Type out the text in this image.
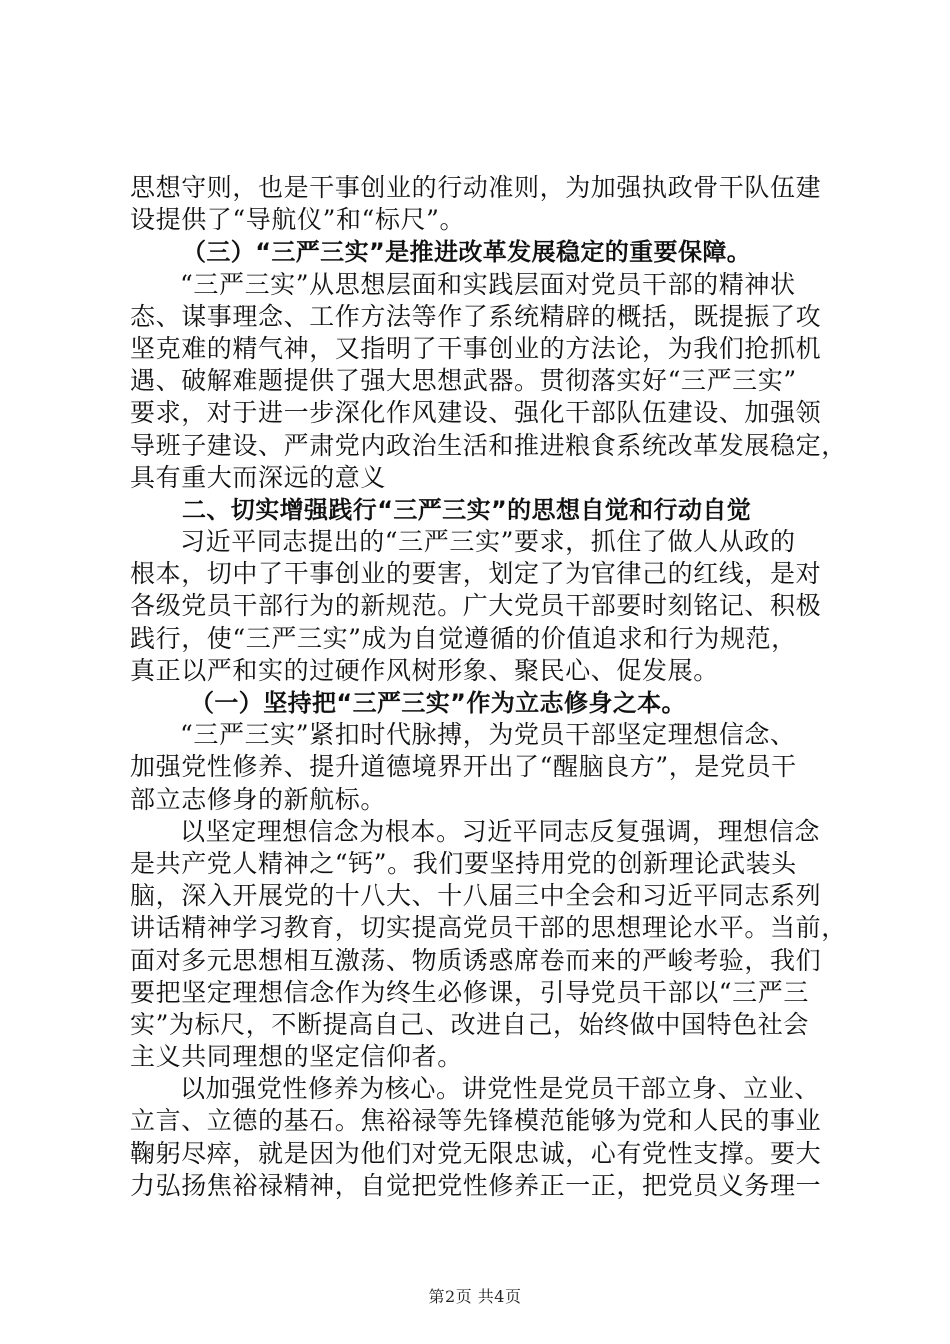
思想守则，也是干事创业的行动准则，为加强执政骨干队伍建
设提供了“导航仪”和“标尺”。
（三）“三严三实”是推进改革发展稳定的重要保障。
“三严三实”从思想层面和实践层面对党员干部的精神状
态、谋事理念、工作方法等作了系统精辟的概括，既提振了攻
坚克难的精气神，又指明了干事创业的方法论，为我们抢抓机
遇、破解难题提供了强大思想武器。贯彻落实好“三严三实”
要求，对于进一步深化作风建设、强化干部队伍建设、加强领
导班子建设、严肃党内政治生活和推进粮食系统改革发展稳定，
具有重大而深远的意义
二、切实增强践行“三严三实”的思想自觉和行动自觉
习近平同志提出的“三严三实”要求，抓住了做人从政的
根本，切中了干事创业的要害，划定了为官律己的红线，是对
各级党员干部行为的新规范。广大党员干部要时刻铭记、积极
践行，使“三严三实”成为自觉遵循的价值追求和行为规范，
真正以严和实的过硬作风树形象、聚民心、促发展。
（一）坚持把“三严三实”作为立志修身之本。
“三严三实”紧扣时代脉搏，为党员干部坚定理想信念、
加强党性修养、提升道德境界开出了“醒脑良方”，是党员干
部立志修身的新航标。
以坚定理想信念为根本。习近平同志反复强调，理想信念
是共产党人精神之“钙”。我们要坚持用党的创新理论武装头
脑，深入开展党的十八大、十八届三中全会和习近平同志系列
讲话精神学习教育，切实提高党员干部的思想理论水平。当前，
面对多元思想相互激荡、物质诱惑席卷而来的严峻考验，我们
要把坚定理想信念作为终生必修课，引导党员干部以“三严三
实”为标尺，不断提高自己、改进自己，始终做中国特色社会
主义共同理想的坚定信仰者。
以加强党性修养为核心。讲党性是党员干部立身、立业、
立言、立德的基石。焦裕禄等先锋模范能够为党和人民的事业
鞠躬尽瘁，就是因为他们对党无限忠诚，心有党性支撑。要大
力弘扬焦裕禄精神，自觉把党性修养正一正，把党员义务理一
第2页 共4页
